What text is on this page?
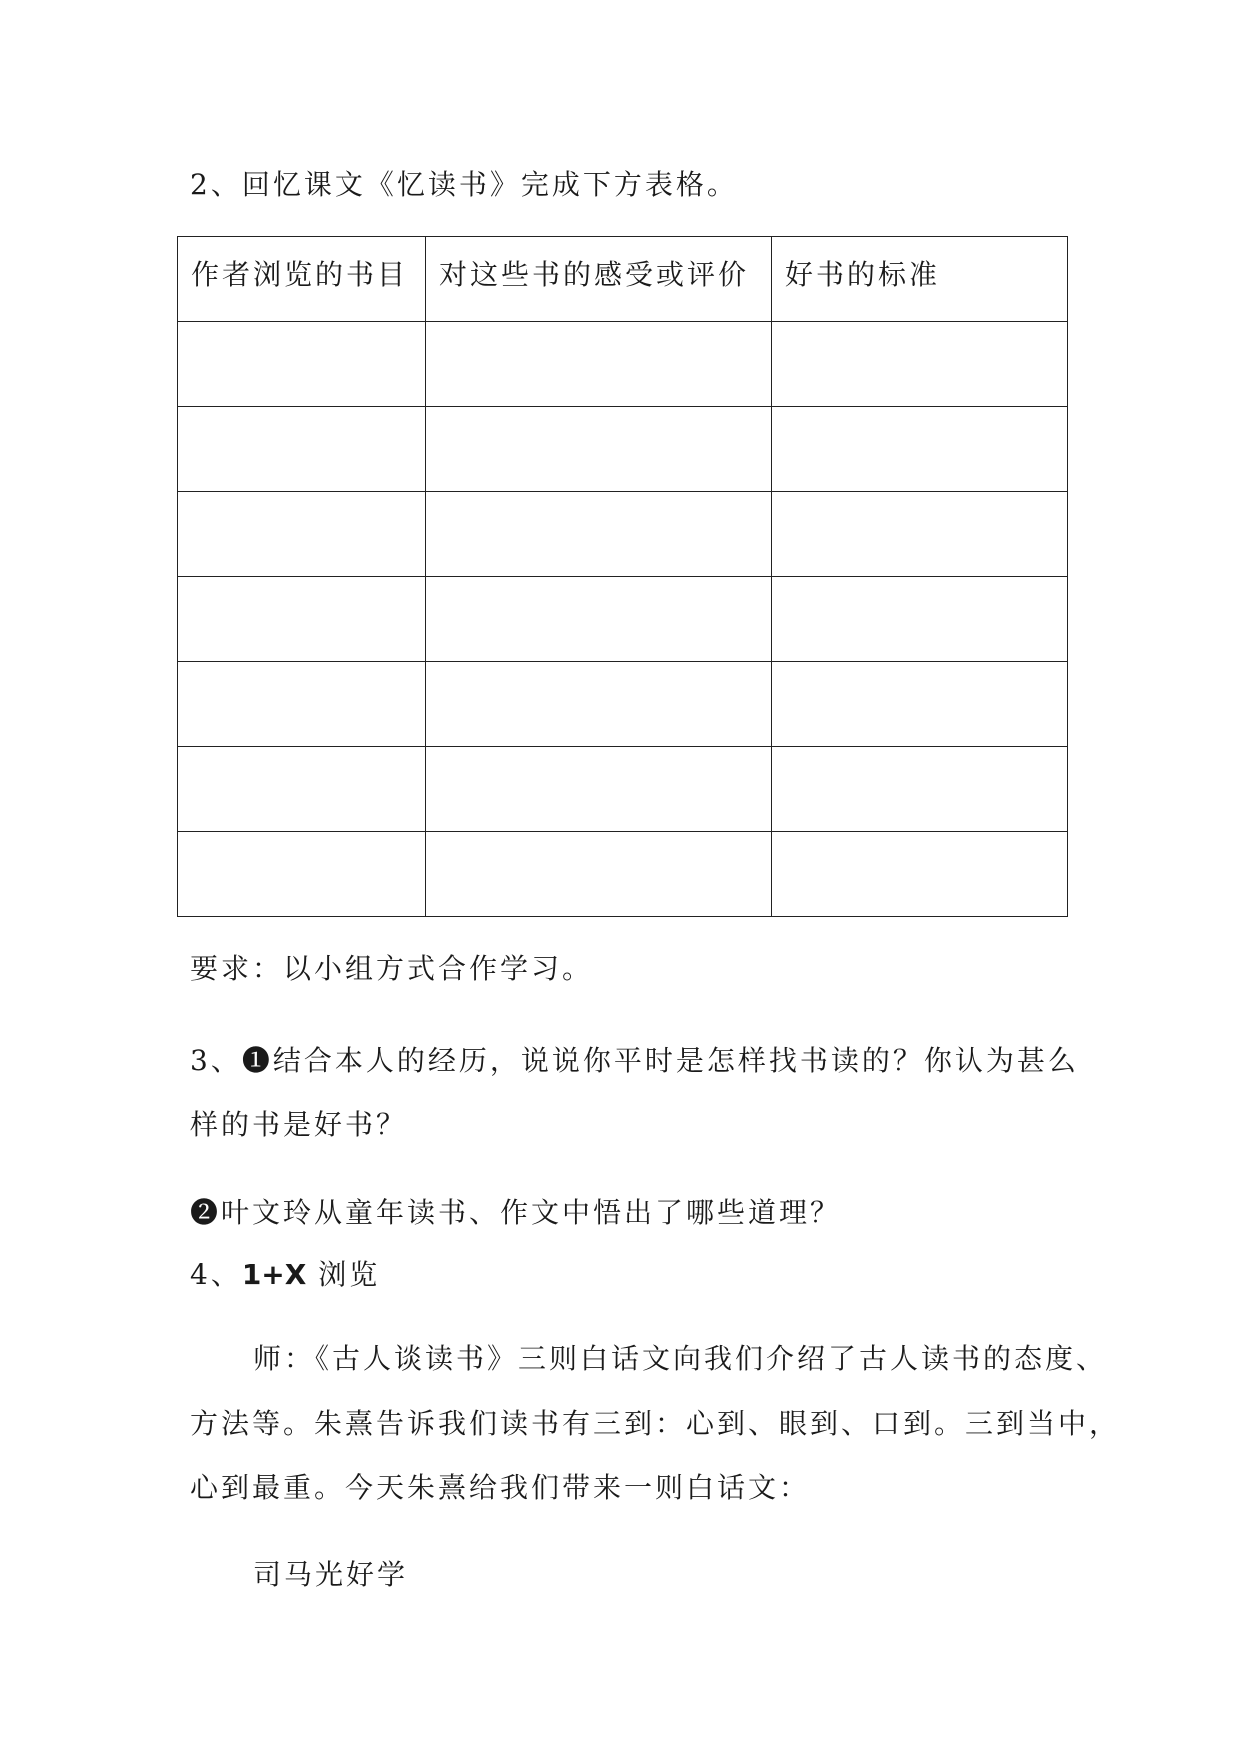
2、回忆课文《忆读书》完成下方表格。
作者浏览的书目	对这些书的感受或评价	好书的标准

要求：以小组方式合作学习。
3、❶结合本人的经历，说说你平时是怎样找书读的？你认为甚么
样的书是好书？
❷叶文玲从童年读书、作文中悟出了哪些道理？
4、1+X 浏览
师：《古人谈读书》三则白话文向我们介绍了古人读书的态度、
方法等。朱熹告诉我们读书有三到：心到、眼到、口到。三到当中，
心到最重。今天朱熹给我们带来一则白话文：
司马光好学
